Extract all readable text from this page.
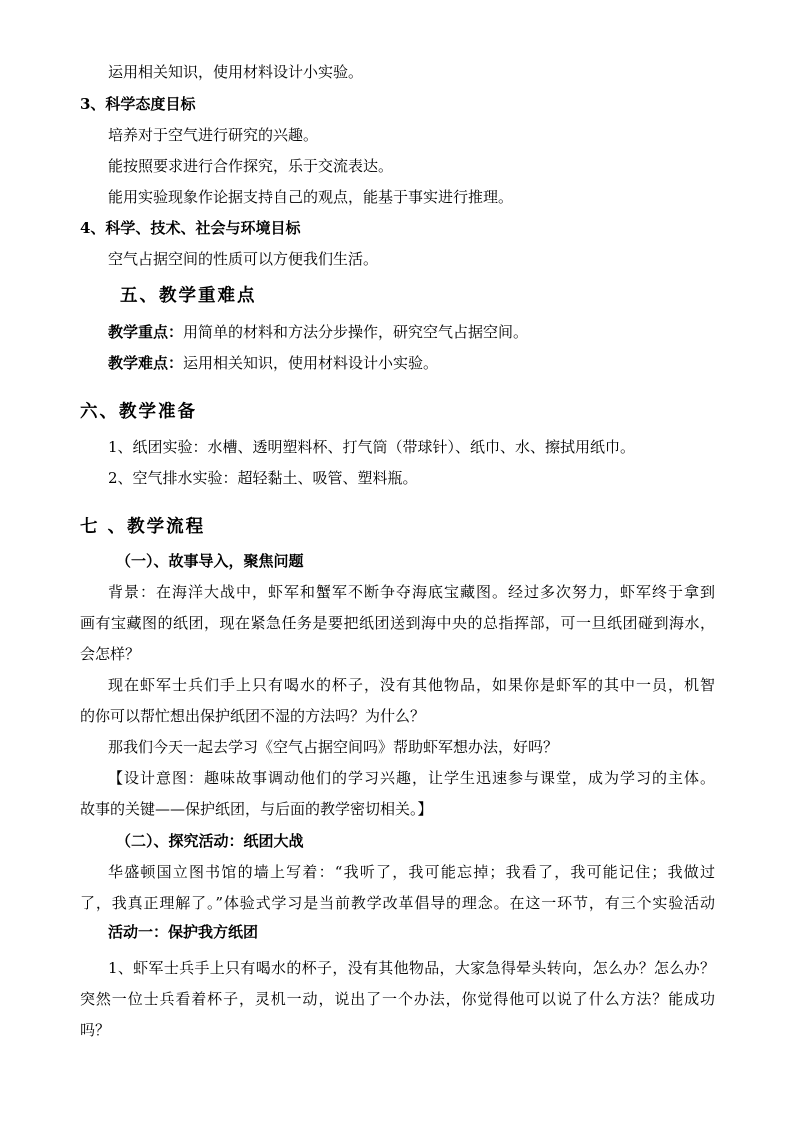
运用相关知识，使用材料设计小实验。
3、科学态度目标
培养对于空气进行研究的兴趣。
能按照要求进行合作探究，乐于交流表达。
能用实验现象作论据支持自己的观点，能基于事实进行推理。
4、科学、技术、社会与环境目标
空气占据空间的性质可以方便我们生活。
五、教学重难点
教学重点：用简单的材料和方法分步操作，研究空气占据空间。
教学难点：运用相关知识，使用材料设计小实验。
六、教学准备
1、纸团实验：水槽、透明塑料杯、打气筒（带球针）、纸巾、水、擦拭用纸巾。
2、空气排水实验：超轻黏土、吸管、塑料瓶。
七 、教学流程
（一）、故事导入，聚焦问题
背景：在海洋大战中，虾军和蟹军不断争夺海底宝藏图。经过多次努力，虾军终于拿到
画有宝藏图的纸团，现在紧急任务是要把纸团送到海中央的总指挥部，可一旦纸团碰到海水，
会怎样？
现在虾军士兵们手上只有喝水的杯子，没有其他物品，如果你是虾军的其中一员，机智
的你可以帮忙想出保护纸团不湿的方法吗？为什么？
那我们今天一起去学习《空气占据空间吗》帮助虾军想办法，好吗？
【设计意图：趣味故事调动他们的学习兴趣，让学生迅速参与课堂，成为学习的主体。
故事的关键——保护纸团，与后面的教学密切相关。】
（二）、探究活动：纸团大战
华盛顿国立图书馆的墙上写着：“我听了，我可能忘掉；我看了，我可能记住；我做过
了，我真正理解了。”体验式学习是当前教学改革倡导的理念。在这一环节，有三个实验活动
活动一：保护我方纸团
1、虾军士兵手上只有喝水的杯子，没有其他物品，大家急得晕头转向，怎么办？怎么办？
突然一位士兵看着杯子，灵机一动，说出了一个办法，你觉得他可以说了什么方法？能成功
吗？
